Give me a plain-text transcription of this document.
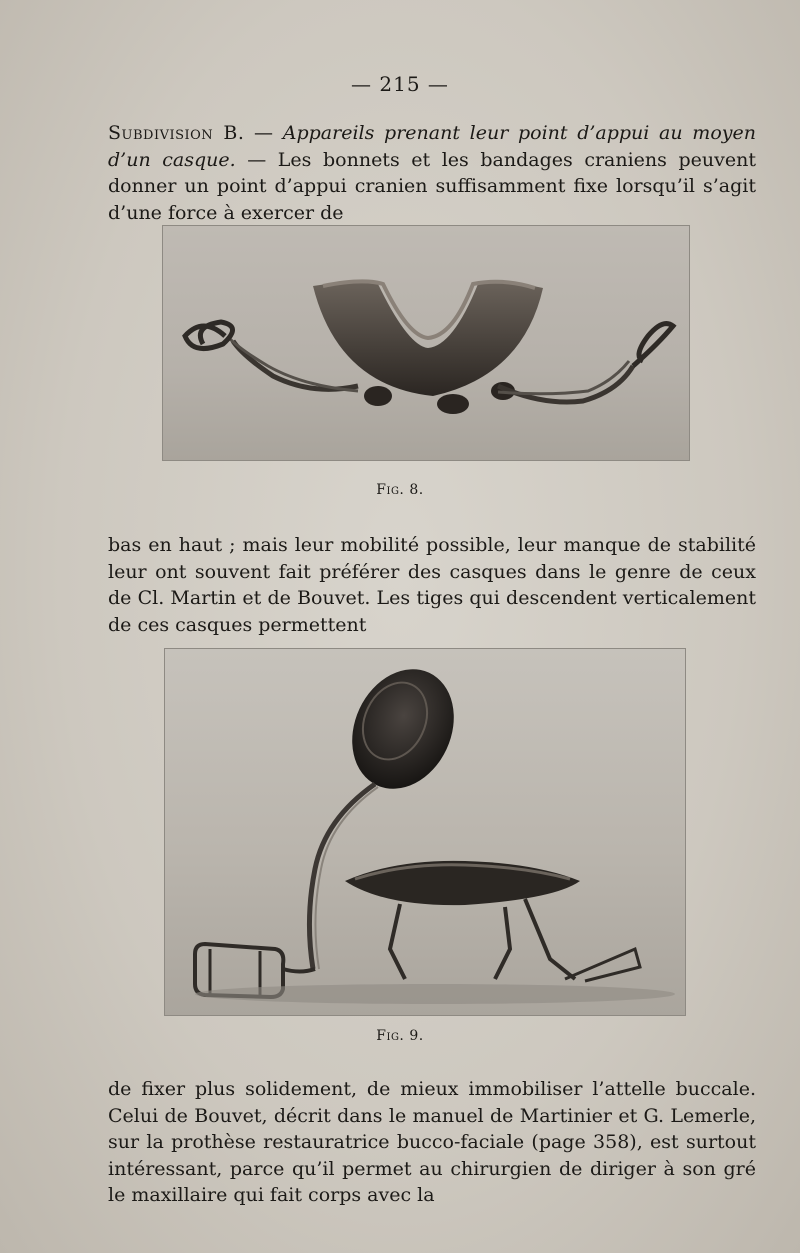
— 215 —
Subdivision B. — Appareils prenant leur point d’appui au moyen d’un casque. — Les bonnets et les bandages craniens peuvent donner un point d’appui cranien suffisamment fixe lorsqu’il s’agit d’une force à exercer de
Fig. 8.
bas en haut ; mais leur mobilité possible, leur manque de stabilité leur ont souvent fait préférer des casques dans le genre de ceux de Cl. Martin et de Bouvet. Les tiges qui descendent verticalement de ces casques permettent
Fig. 9.
de fixer plus solidement, de mieux immobiliser l’attelle buccale. Celui de Bouvet, décrit dans le manuel de Martinier et G. Lemerle, sur la prothèse restauratrice bucco-faciale (page 358), est surtout intéressant, parce qu’il permet au chirurgien de diriger à son gré le maxillaire qui fait corps avec la
